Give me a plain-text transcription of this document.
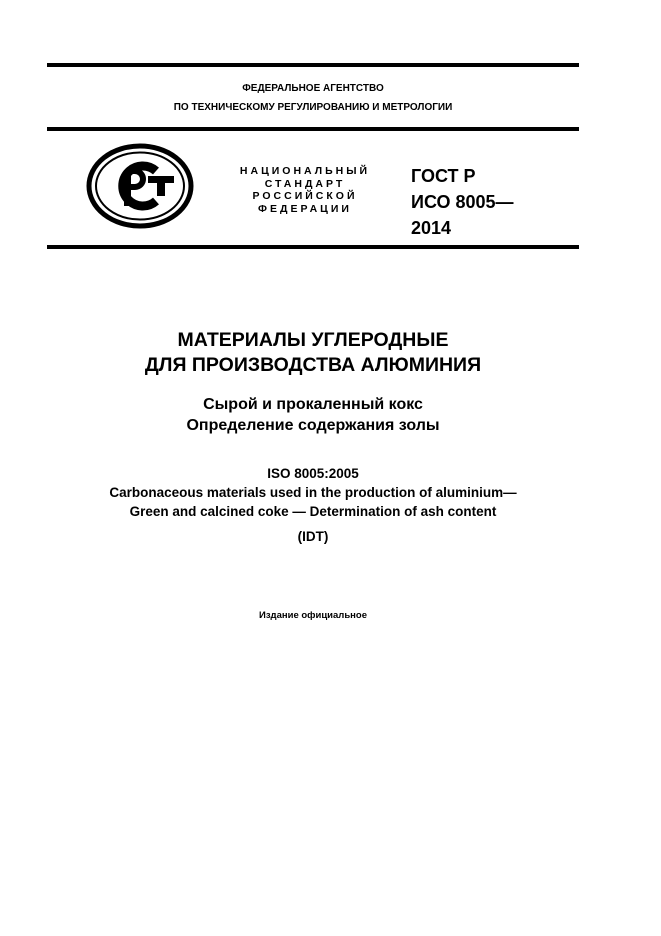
ФЕДЕРАЛЬНОЕ АГЕНТСТВО
ПО ТЕХНИЧЕСКОМУ РЕГУЛИРОВАНИЮ И МЕТРОЛОГИИ
НАЦИОНАЛЬНЫЙ
СТАНДАРТ
РОССИЙСКОЙ
ФЕДЕРАЦИИ
ГОСТ Р
ИСО 8005—
2014
МАТЕРИАЛЫ УГЛЕРОДНЫЕ
ДЛЯ ПРОИЗВОДСТВА АЛЮМИНИЯ
Сырой и прокаленный кокс
Определение содержания золы
ISO 8005:2005
Carbonaceous materials used in the production of aluminium—
Green and calcined coke — Determination of ash content
(IDT)
Издание официальное
